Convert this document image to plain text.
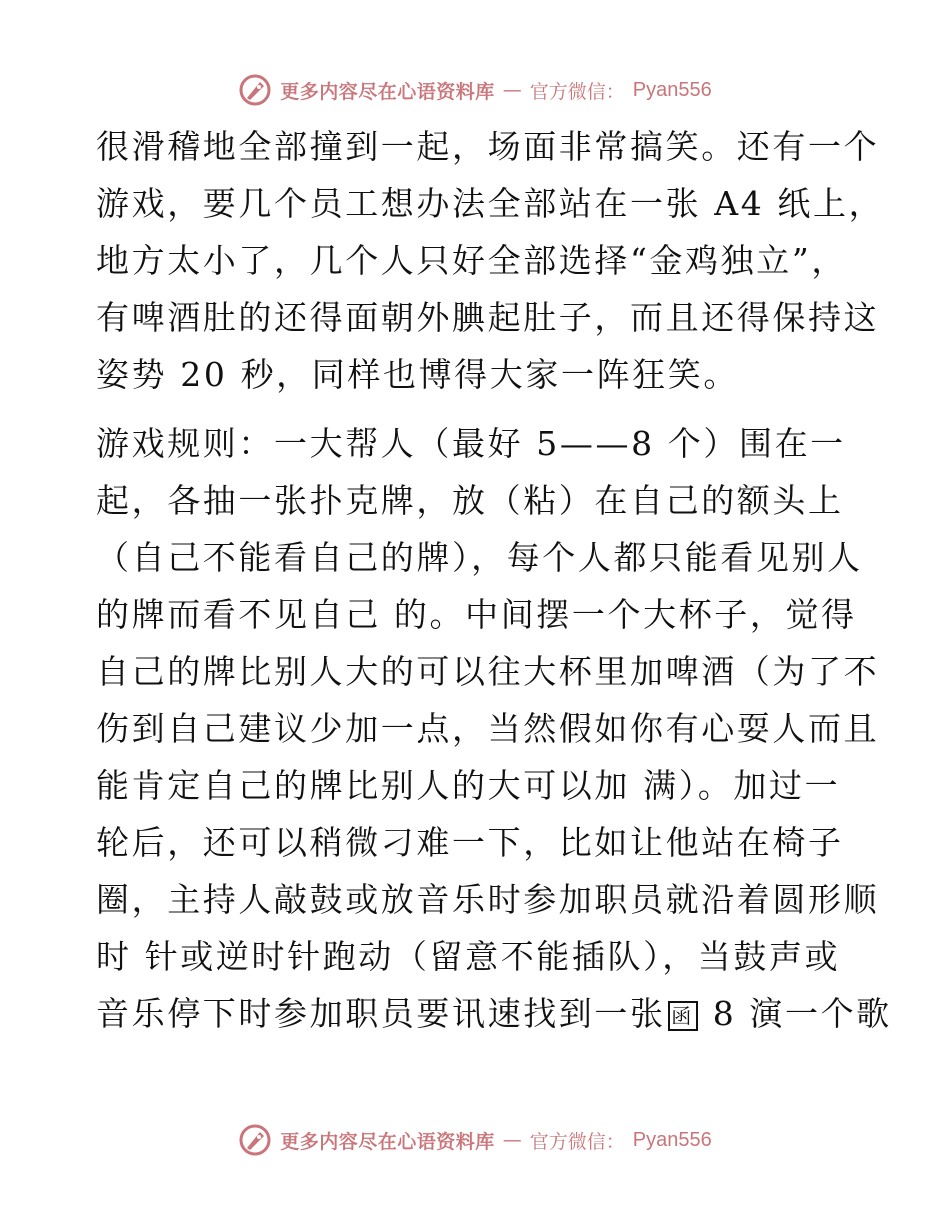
更多内容尽在心语资料库 — 官方微信： Pyan556
很滑稽地全部撞到一起，场面非常搞笑。还有一个
游戏，要几个员工想办法全部站在一张 A4 纸上，
地方太小了，几个人只好全部选择“金鸡独立”，
有啤酒肚的还得面朝外腆起肚子，而且还得保持这
姿势 20 秒，同样也博得大家一阵狂笑。
游戏规则：一大帮人（最好 5——8 个）围在一
起，各抽一张扑克牌，放（粘）在自己的额头上
（自己不能看自己的牌），每个人都只能看见别人
的牌而看不见自己 的。中间摆一个大杯子，觉得
自己的牌比别人大的可以往大杯里加啤酒（为了不
伤到自己建议少加一点，当然假如你有心耍人而且
能肯定自己的牌比别人的大可以加 满）。加过一
轮后，还可以稍微刁难一下，比如让他站在椅子
圈，主持人敲鼓或放音乐时参加职员就沿着圆形顺
时 针或逆时针跑动（留意不能插队），当鼓声或
音乐停下时参加职员要讯速找到一张 函 8 演一个歌
更多内容尽在心语资料库 — 官方微信： Pyan556
